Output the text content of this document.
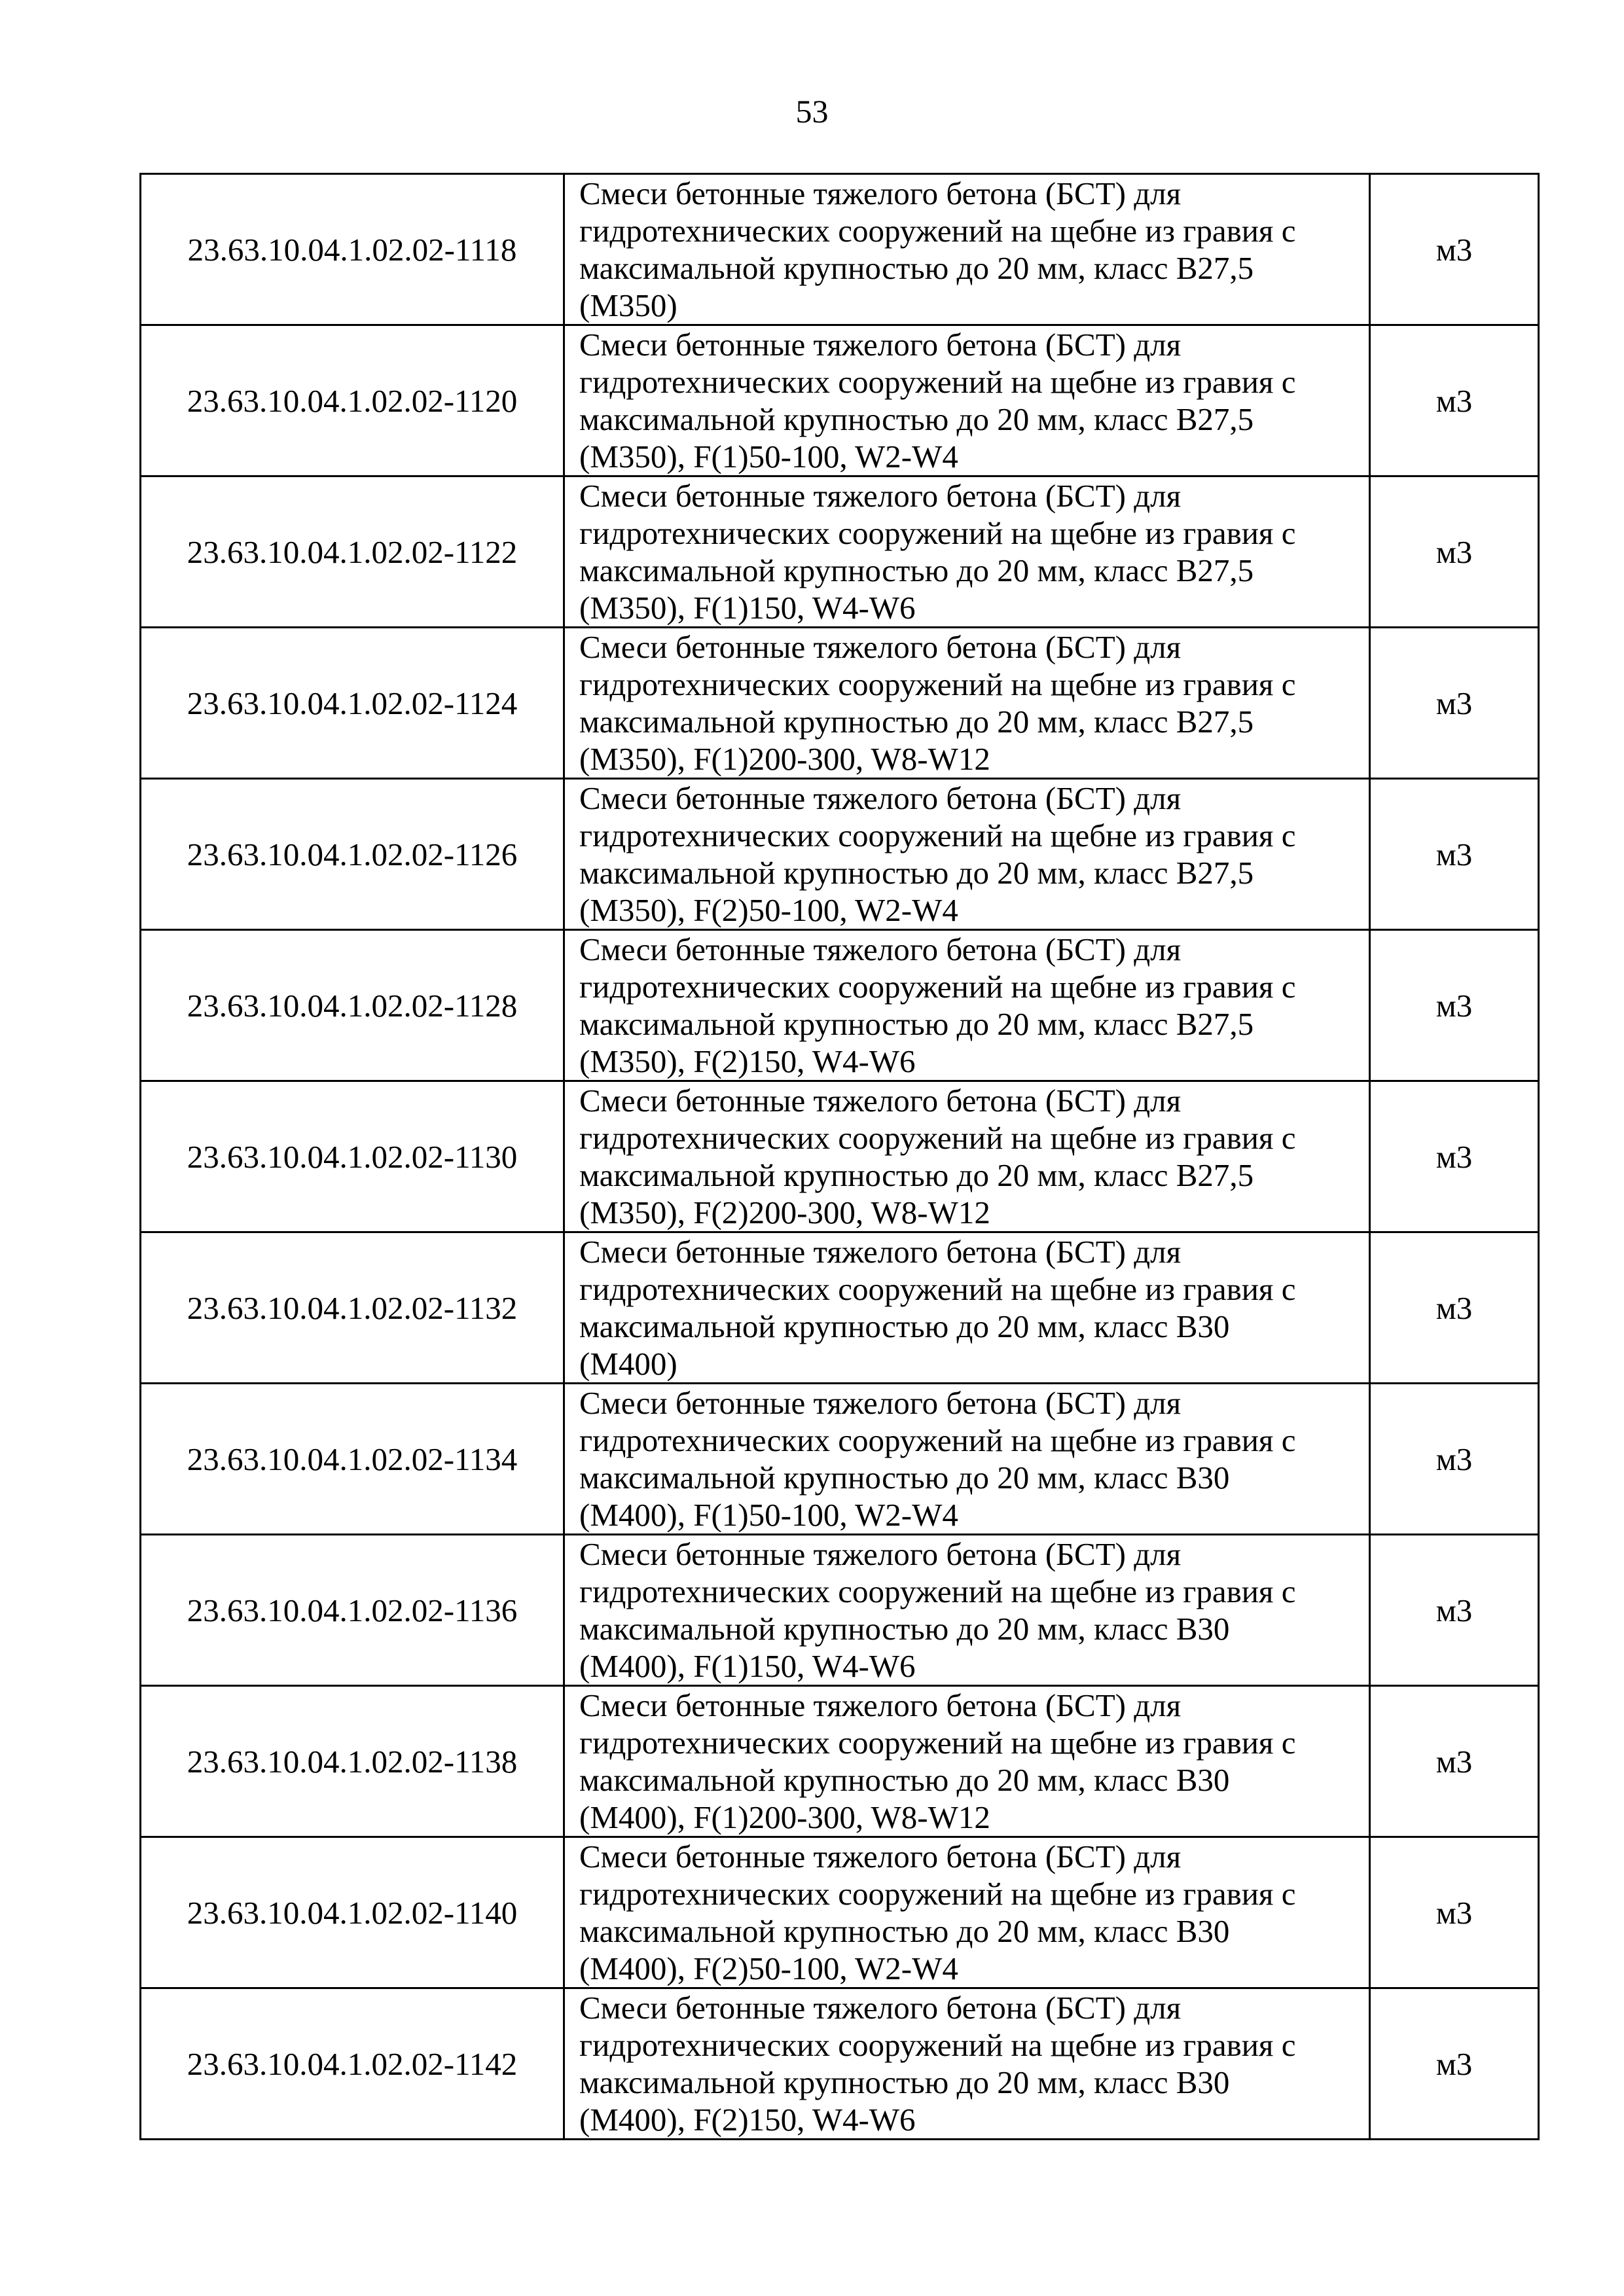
53
23.63.10.04.1.02.02-1118	Смеси бетонные тяжелого бетона (БСТ) для
гидротехнических сооружений на щебне из гравия с
максимальной крупностью до 20 мм, класс В27,5
(М350)	м3
23.63.10.04.1.02.02-1120	Смеси бетонные тяжелого бетона (БСТ) для
гидротехнических сооружений на щебне из гравия с
максимальной крупностью до 20 мм, класс В27,5
(М350), F(1)50-100, W2-W4	м3
23.63.10.04.1.02.02-1122	Смеси бетонные тяжелого бетона (БСТ) для
гидротехнических сооружений на щебне из гравия с
максимальной крупностью до 20 мм, класс В27,5
(М350), F(1)150, W4-W6	м3
23.63.10.04.1.02.02-1124	Смеси бетонные тяжелого бетона (БСТ) для
гидротехнических сооружений на щебне из гравия с
максимальной крупностью до 20 мм, класс В27,5
(М350), F(1)200-300, W8-W12	м3
23.63.10.04.1.02.02-1126	Смеси бетонные тяжелого бетона (БСТ) для
гидротехнических сооружений на щебне из гравия с
максимальной крупностью до 20 мм, класс В27,5
(М350), F(2)50-100, W2-W4	м3
23.63.10.04.1.02.02-1128	Смеси бетонные тяжелого бетона (БСТ) для
гидротехнических сооружений на щебне из гравия с
максимальной крупностью до 20 мм, класс В27,5
(М350), F(2)150, W4-W6	м3
23.63.10.04.1.02.02-1130	Смеси бетонные тяжелого бетона (БСТ) для
гидротехнических сооружений на щебне из гравия с
максимальной крупностью до 20 мм, класс В27,5
(М350), F(2)200-300, W8-W12	м3
23.63.10.04.1.02.02-1132	Смеси бетонные тяжелого бетона (БСТ) для
гидротехнических сооружений на щебне из гравия с
максимальной крупностью до 20 мм, класс В30
(М400)	м3
23.63.10.04.1.02.02-1134	Смеси бетонные тяжелого бетона (БСТ) для
гидротехнических сооружений на щебне из гравия с
максимальной крупностью до 20 мм, класс В30
(М400), F(1)50-100, W2-W4	м3
23.63.10.04.1.02.02-1136	Смеси бетонные тяжелого бетона (БСТ) для
гидротехнических сооружений на щебне из гравия с
максимальной крупностью до 20 мм, класс В30
(М400), F(1)150, W4-W6	м3
23.63.10.04.1.02.02-1138	Смеси бетонные тяжелого бетона (БСТ) для
гидротехнических сооружений на щебне из гравия с
максимальной крупностью до 20 мм, класс В30
(М400), F(1)200-300, W8-W12	м3
23.63.10.04.1.02.02-1140	Смеси бетонные тяжелого бетона (БСТ) для
гидротехнических сооружений на щебне из гравия с
максимальной крупностью до 20 мм, класс В30
(М400), F(2)50-100, W2-W4	м3
23.63.10.04.1.02.02-1142	Смеси бетонные тяжелого бетона (БСТ) для
гидротехнических сооружений на щебне из гравия с
максимальной крупностью до 20 мм, класс В30
(М400), F(2)150, W4-W6	м3
